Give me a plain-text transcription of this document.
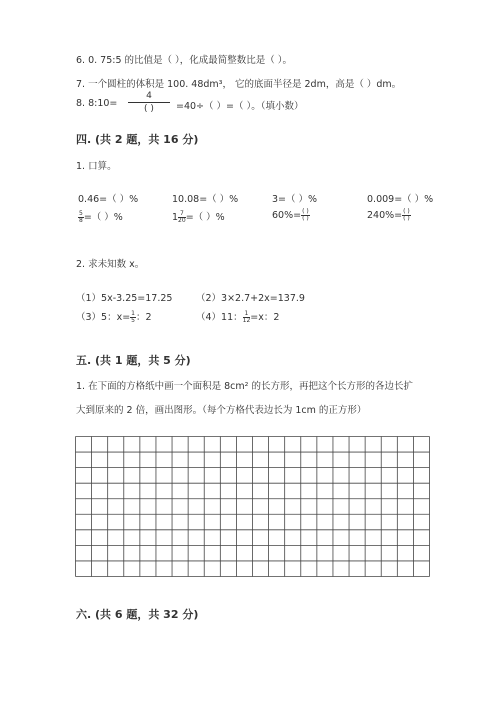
6. 0. 75:5 的比值是（ ），化成最简整数比是（ ）。
7. 一个圆柱的体积是 100. 48dm³， 它的底面半径是 2dm，高是（ ）dm。
8. 8:10=
4
( )	=40÷（ ）=（ ）。（填小数）
四. (共 2 题，共 16 分)
1. 口算。
0.46=（ ）%	10.08=（ ）%	3=（ ）%	0.009=（ ）%
$\frac{5}{8}$ =（ ）%	$1 \frac{7}{20}$ =（ ）%	$60\%= \frac{( )}{( )}$	$240\%= \frac{( )}{( )}$
2. 求未知数 x。
（1）5x-3.25=17.25 （2）3×2.7+2x=137.9
（3）5：$x= \frac{1}{5}$ ：2	（4）11： $\frac{1}{12} =x$：2
五. (共 1 题，共 5 分)
1. 在下面的方格纸中画一个面积是 8cm² 的长方形，再把这个长方形的各边长扩
大到原来的 2 倍，画出图形。（每个方格代表边长为 1cm 的正方形）
六. (共 6 题，共 32 分)
